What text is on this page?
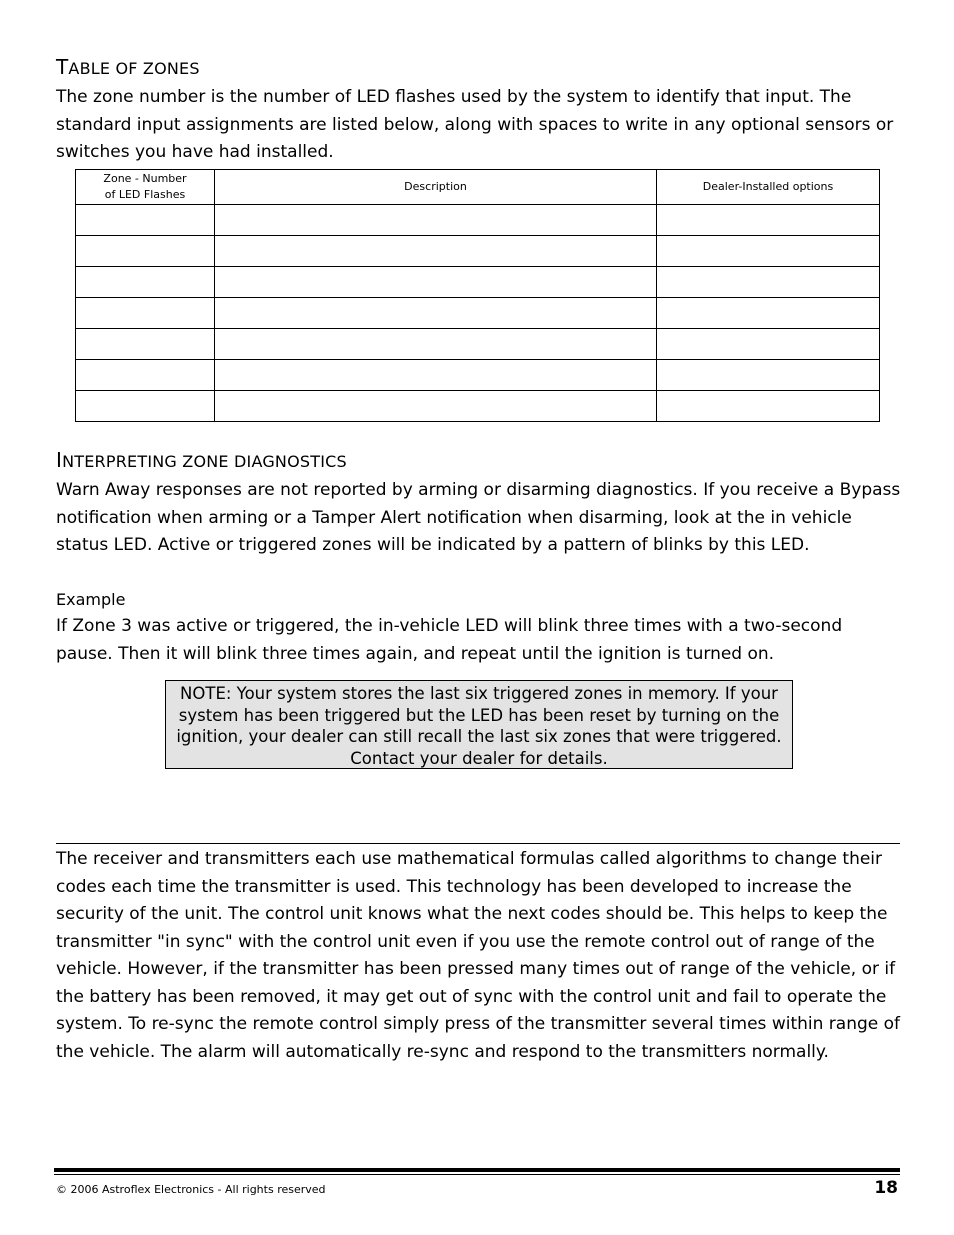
TABLE OF ZONES

The zone number is the number of LED flashes used by the system to identify that input. The standard input assignments are listed below, along with spaces to write in any optional sensors or switches you have had installed.

Zone - Number
of LED Flashes	Description	Dealer-Installed options

INTERPRETING ZONE DIAGNOSTICS

Warn Away responses are not reported by arming or disarming diagnostics. If you receive a Bypass notification when arming or a Tamper Alert notification when disarming, look at the in vehicle status LED. Active or triggered zones will be indicated by a pattern of blinks by this LED.

Example

If Zone 3 was active or triggered, the in-vehicle LED will blink three times with a two-second pause. Then it will blink three times again, and repeat until the ignition is turned on.

NOTE: Your system stores the last six triggered zones in memory. If your system has been triggered but the LED has been reset by turning on the ignition, your dealer can still recall the last six zones that were triggered. Contact your dealer for details.

The receiver and transmitters each use mathematical formulas called algorithms to change their codes each time the transmitter is used. This technology has been developed to increase the security of the unit. The control unit knows what the next codes should be. This helps to keep the transmitter "in sync" with the control unit even if you use the remote control out of range of the vehicle. However, if the transmitter has been pressed many times out of range of the vehicle, or if the battery has been removed, it may get out of sync with the control unit and fail to operate the system. To re-sync the remote control simply press of the transmitter several times within range of the vehicle. The alarm will automatically re-sync and respond to the transmitters normally.

© 2006 Astroflex Electronics - All rights reserved	18
